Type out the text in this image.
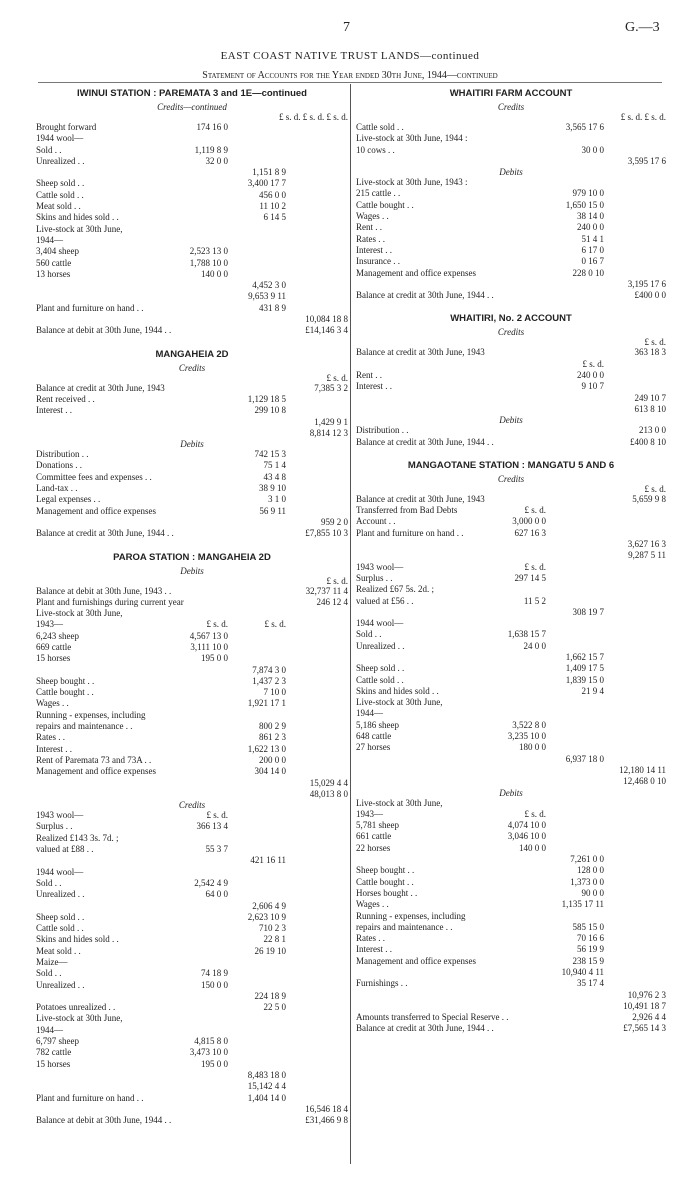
7	G.—3
EAST COAST NATIVE TRUST LANDS—continued
Statement of Accounts for the Year ended 30th June, 1944—continued
IWINUI STATION : PAREMATA 3 and 1E—continued
Credits—continued
£ s. d. £ s. d. £ s. d.
Brought forward	174 16 0
1944 wool—
Sold . .	1,119 8 9
Unrealized . .	32 0 0
1,151 8 9
Sheep sold . .	3,400 17 7
Cattle sold . .	456 0 0
Meat sold . .	11 10 2
Skins and hides sold . .	6 14 5
Live-stock at 30th June,
1944—
3,404 sheep	2,523 13 0
560 cattle	1,788 10 0
13 horses	140 0 0
4,452 3 0
9,653 9 11
Plant and furniture on hand . .	431 8 9
10,084 18 8
Balance at debit at 30th June, 1944 . .	£14,146 3 4
MANGAHEIA 2D
Credits
£ s. d.
Balance at credit at 30th June, 1943	7,385 3 2
Rent received . .	1,129 18 5
Interest . .	299 10 8
1,429 9 1
8,814 12 3
Debits
Distribution . .	742 15 3
Donations . .	75 1 4
Committee fees and expenses . .	43 4 8
Land-tax . .	38 9 10
Legal expenses . .	3 1 0
Management and office expenses	56 9 11
959 2 0
Balance at credit at 30th June, 1944 . .	£7,855 10 3
PAROA STATION : MANGAHEIA 2D
Debits
£ s. d.
Balance at debit at 30th June, 1943 . .	32,737 11 4
Plant and furnishings during current year	246 12 4
Live-stock at 30th June,
1943—	£ s. d.	£ s. d.
6,243 sheep	4,567 13 0
669 cattle	3,111 10 0
15 horses	195 0 0
7,874 3 0
Sheep bought . .	1,437 2 3
Cattle bought . .	7 10 0
Wages . .	1,921 17 1
Running - expenses, including
repairs and maintenance . .	800 2 9
Rates . .	861 2 3
Interest . .	1,622 13 0
Rent of Paremata 73 and 73A . .	200 0 0
Management and office expenses	304 14 0
15,029 4 4
48,013 8 0
Credits
1943 wool—	£ s. d.
Surplus . .	366 13 4
Realized £143 3s. 7d. ;
valued at £88 . .	55 3 7
421 16 11
1944 wool—
Sold . .	2,542 4 9
Unrealized . .	64 0 0
2,606 4 9
Sheep sold . .	2,623 10 9
Cattle sold . .	710 2 3
Skins and hides sold . .	22 8 1
Meat sold . .	26 19 10
Maize—
Sold . .	74 18 9
Unrealized . .	150 0 0
224 18 9
Potatoes unrealized . .	22 5 0
Live-stock at 30th June,
1944—
6,797 sheep	4,815 8 0
782 cattle	3,473 10 0
15 horses	195 0 0
8,483 18 0
15,142 4 4
Plant and furniture on hand . .	1,404 14 0
16,546 18 4
Balance at debit at 30th June, 1944 . .	£31,466 9 8
WHAITIRI FARM ACCOUNT
Credits
£ s. d. £ s. d.
Cattle sold . .	3,565 17 6
Live-stock at 30th June, 1944 :
10 cows . .	30 0 0
3,595 17 6
Debits
Live-stock at 30th June, 1943 :
215 cattle . .	979 10 0
Cattle bought . .	1,650 15 0
Wages . .	38 14 0
Rent . .	240 0 0
Rates . .	51 4 1
Interest . .	6 17 0
Insurance . .	0 16 7
Management and office expenses	228 0 10
3,195 17 6
Balance at credit at 30th June, 1944 . .	£400 0 0
WHAITIRI, No. 2 ACCOUNT
Credits
£ s. d.
Balance at credit at 30th June, 1943	363 18 3
£ s. d.
Rent . .	240 0 0
Interest . .	9 10 7
249 10 7
613 8 10
Debits
Distribution . .	213 0 0
Balance at credit at 30th June, 1944 . .	£400 8 10
MANGAOTANE STATION : MANGATU 5 AND 6
Credits
£ s. d.
Balance at credit at 30th June, 1943	5,659 9 8
Transferred from Bad Debts	£ s. d.
Account . .	3,000 0 0
Plant and furniture on hand . .	627 16 3
3,627 16 3
9,287 5 11
1943 wool—	£ s. d.
Surplus . .	297 14 5
Realized £67 5s. 2d. ;
valued at £56 . .	11 5 2
308 19 7
1944 wool—
Sold . .	1,638 15 7
Unrealized . .	24 0 0
1,662 15 7
Sheep sold . .	1,409 17 5
Cattle sold . .	1,839 15 0
Skins and hides sold . .	21 9 4
Live-stock at 30th June,
1944—
5,186 sheep	3,522 8 0
648 cattle	3,235 10 0
27 horses	180 0 0
6,937 18 0
12,180 14 11
12,468 0 10
Debits
Live-stock at 30th June,
1943—	£ s. d.
5,781 sheep	4,074 10 0
661 cattle	3,046 10 0
22 horses	140 0 0
7,261 0 0
Sheep bought . .	128 0 0
Cattle bought . .	1,373 0 0
Horses bought . .	90 0 0
Wages . .	1,135 17 11
Running - expenses, including
repairs and maintenance . .	585 15 0
Rates . .	70 16 6
Interest . .	56 19 9
Management and office expenses	238 15 9
10,940 4 11
Furnishings . .	35 17 4
10,976 2 3
10,491 18 7
Amounts transferred to Special Reserve . .	2,926 4 4
Balance at credit at 30th June, 1944 . .	£7,565 14 3
